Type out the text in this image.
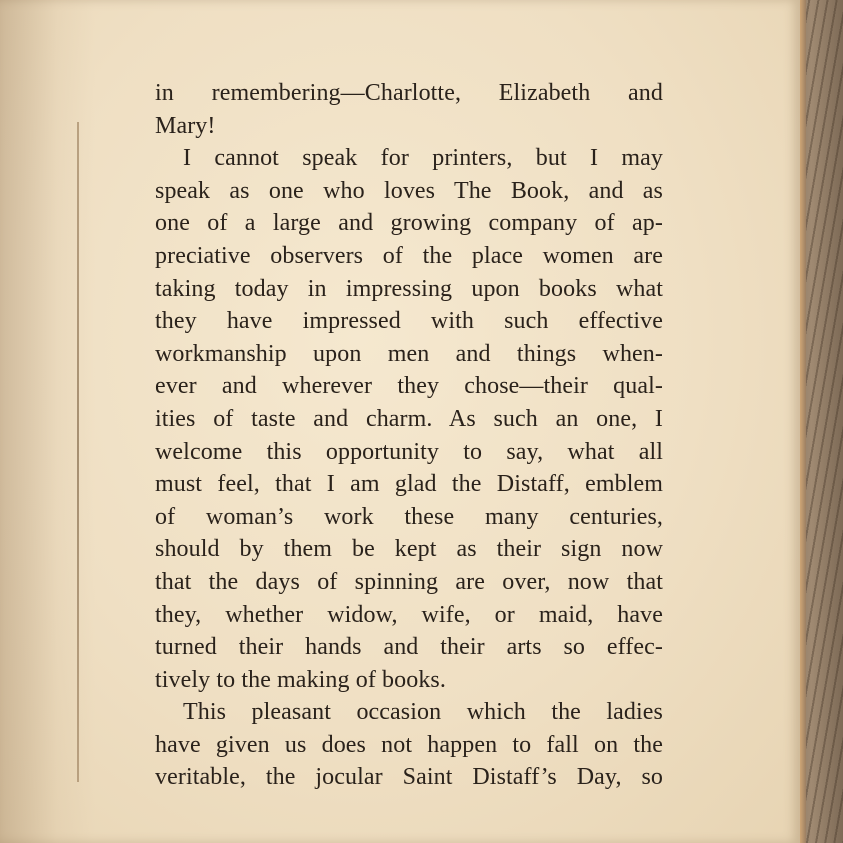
in remembering—Charlotte, Elizabeth and
Mary!
I cannot speak for printers, but I may
speak as one who loves The Book, and as
one of a large and growing company of ap-
preciative observers of the place women are
taking today in impressing upon books what
they have impressed with such effective
workmanship upon men and things when-
ever and wherever they chose—their qual-
ities of taste and charm. As such an one, I
welcome this opportunity to say, what all
must feel, that I am glad the Distaff, emblem
of woman’s work these many centuries,
should by them be kept as their sign now
that the days of spinning are over, now that
they, whether widow, wife, or maid, have
turned their hands and their arts so effec-
tively to the making of books.
This pleasant occasion which the ladies
have given us does not happen to fall on the
veritable, the jocular Saint Distaff’s Day, so
